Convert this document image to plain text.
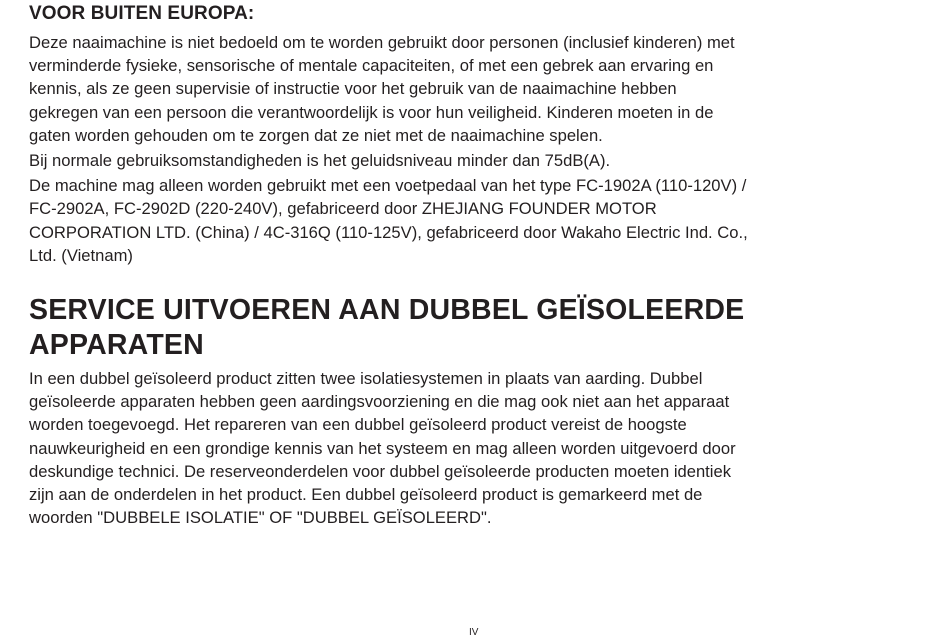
VOOR BUITEN EUROPA:

Deze naaimachine is niet bedoeld om te worden gebruikt door personen (inclusief kinderen) met
verminderde fysieke, sensorische of mentale capaciteiten, of met een gebrek aan ervaring en
kennis, als ze geen supervisie of instructie voor het gebruik van de naaimachine hebben
gekregen van een persoon die verantwoordelijk is voor hun veiligheid. Kinderen moeten in de
gaten worden gehouden om te zorgen dat ze niet met de naaimachine spelen.

Bij normale gebruiksomstandigheden is het geluidsniveau minder dan 75dB(A).

De machine mag alleen worden gebruikt met een voetpedaal van het type FC-1902A (110-120V) /
FC-2902A, FC-2902D (220-240V), gefabriceerd door ZHEJIANG FOUNDER MOTOR
CORPORATION LTD. (China) / 4C-316Q (110-125V), gefabriceerd door Wakaho Electric Ind. Co.,
Ltd. (Vietnam)

SERVICE UITVOEREN AAN DUBBEL GEÏSOLEERDE
APPARATEN

In een dubbel geïsoleerd product zitten twee isolatiesystemen in plaats van aarding. Dubbel
geïsoleerde apparaten hebben geen aardingsvoorziening en die mag ook niet aan het apparaat
worden toegevoegd. Het repareren van een dubbel geïsoleerd product vereist de hoogste
nauwkeurigheid en een grondige kennis van het systeem en mag alleen worden uitgevoerd door
deskundige technici. De reserveonderdelen voor dubbel geïsoleerde producten moeten identiek
zijn aan de onderdelen in het product. Een dubbel geïsoleerd product is gemarkeerd met de
woorden "DUBBELE ISOLATIE" OF "DUBBEL GEÏSOLEERD".

IV
